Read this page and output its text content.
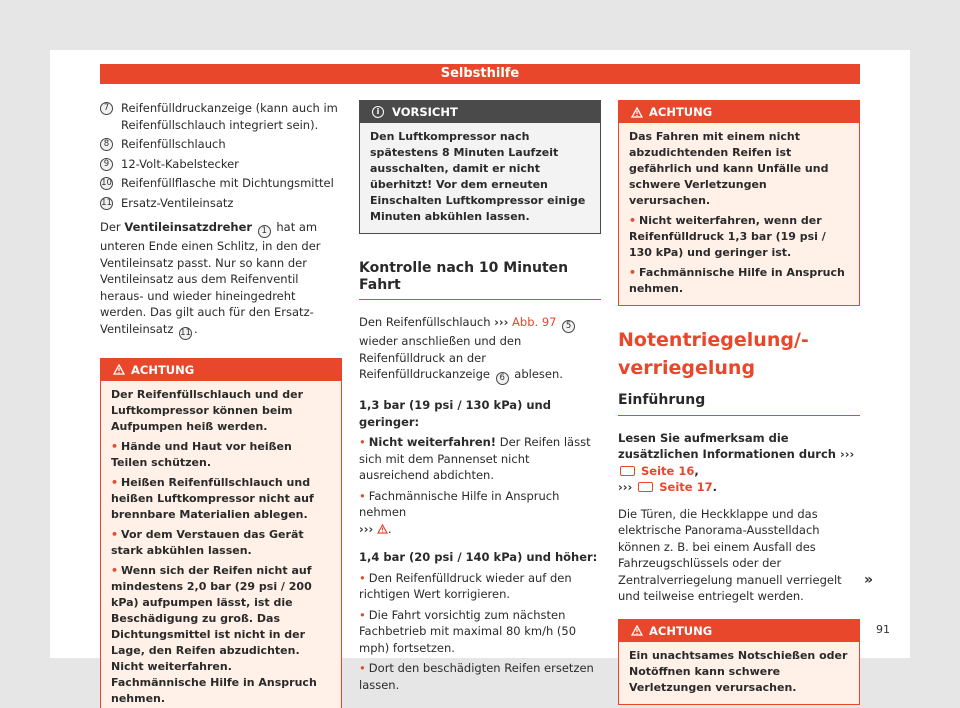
Selbsthilfe
7	Reifenfülldruckanzeige (kann auch im Reifenfüllschlauch integriert sein).
8	Reifenfüllschlauch
9	12-Volt-Kabelstecker
10 Reifenfüllflasche mit Dichtungsmittel
11 Ersatz-Ventileinsatz
Der Ventileinsatzdreher 1 hat am unteren Ende einen Schlitz, in den der Ventileinsatz passt. Nur so kann der Ventileinsatz aus dem Reifenventil heraus- und wieder hineingedreht werden. Das gilt auch für den Ersatz-Ventileinsatz 11 .
ACHTUNG
Der Reifenfüllschlauch und der Luftkompressor können beim Aufpumpen heiß werden.
• Hände und Haut vor heißen Teilen schützen.
• Heißen Reifenfüllschlauch und heißen Luftkompressor nicht auf brennbare Materialien ablegen.
• Vor dem Verstauen das Gerät stark abkühlen lassen.
• Wenn sich der Reifen nicht auf mindestens 2,0 bar (29 psi / 200 kPa) aufpumpen lässt, ist die Beschädigung zu groß. Das Dichtungsmittel ist nicht in der Lage, den Reifen abzudichten. Nicht weiterfahren. Fachmännische Hilfe in Anspruch nehmen.
i	VORSICHT
Den Luftkompressor nach spätestens 8 Minuten Laufzeit ausschalten, damit er nicht überhitzt! Vor dem erneuten Einschalten Luftkompressor einige Minuten abkühlen lassen.
Kontrolle nach 10 Minuten Fahrt
Den Reifenfüllschlauch ››› Abb. 97 5 wieder anschließen und den Reifenfülldruck an der Reifenfülldruckanzeige 6 ablesen.
1,3 bar (19 psi / 130 kPa) und geringer:
• Nicht weiterfahren! Der Reifen lässt sich mit dem Pannenset nicht ausreichend abdichten.
• Fachmännische Hilfe in Anspruch nehmen
››› .
1,4 bar (20 psi / 140 kPa) und höher:
• Den Reifenfülldruck wieder auf den richtigen Wert korrigieren.
• Die Fahrt vorsichtig zum nächsten Fachbetrieb mit maximal 80 km/h (50 mph) fortsetzen.
• Dort den beschädigten Reifen ersetzen lassen.
ACHTUNG
Das Fahren mit einem nicht abzudichtenden Reifen ist gefährlich und kann Unfälle und schwere Verletzungen verursachen.
• Nicht weiterfahren, wenn der Reifenfülldruck 1,3 bar (19 psi / 130 kPa) und geringer ist.
• Fachmännische Hilfe in Anspruch nehmen.
Notentriegelung/-verriegelung
Einführung
Lesen Sie aufmerksam die zusätzlichen Informationen durch ›››  Seite 16,
››› Seite 17.
Die Türen, die Heckklappe und das elektrische Panorama-Ausstelldach können z. B. bei einem Ausfall des Fahrzeugschlüssels oder der Zentralverriegelung manuell verriegelt und teilweise entriegelt werden.
ACHTUNG
Ein unachtsames Notschießen oder Notöffnen kann schwere Verletzungen verursachen.
»
91
